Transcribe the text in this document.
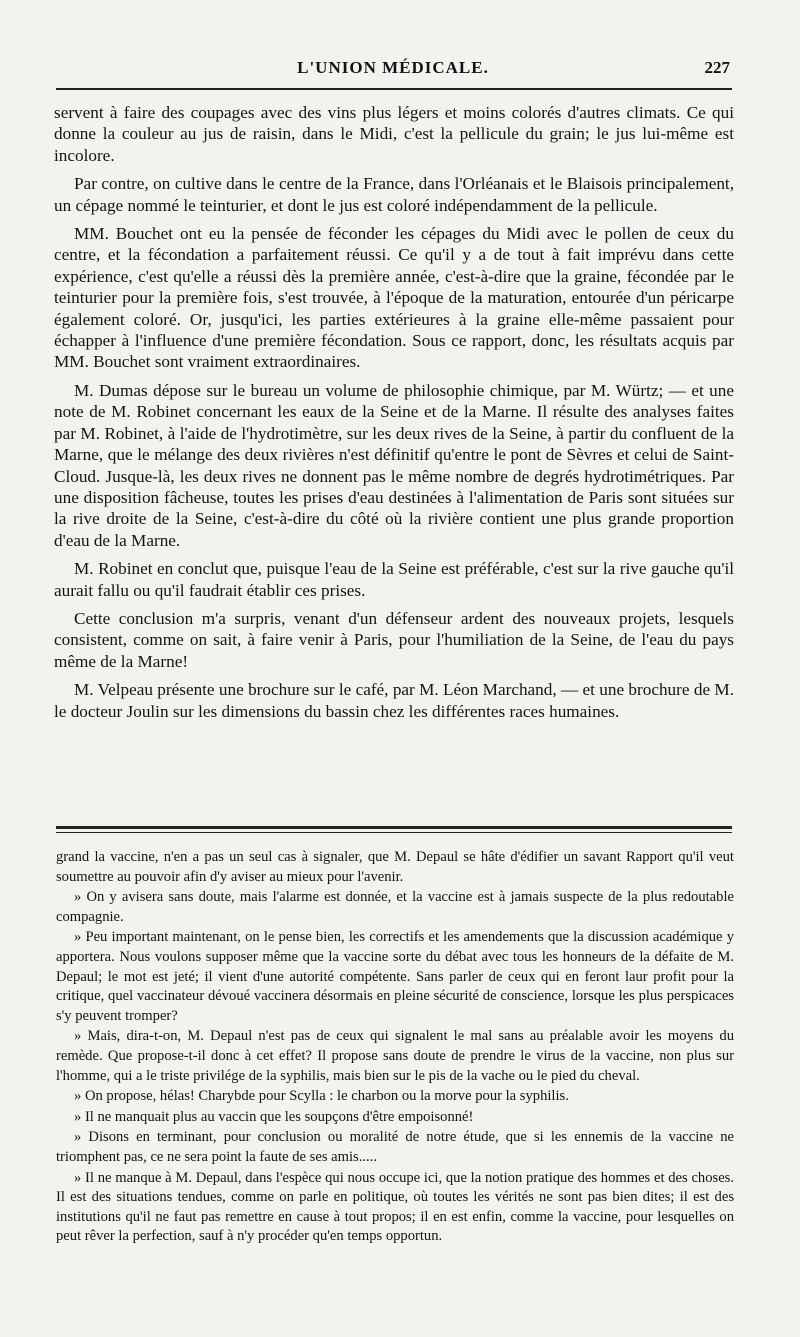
L'UNION MÉDICALE.	227

servent à faire des coupages avec des vins plus légers et moins colorés d'autres climats. Ce qui donne la couleur au jus de raisin, dans le Midi, c'est la pellicule du grain; le jus lui-même est incolore.

Par contre, on cultive dans le centre de la France, dans l'Orléanais et le Blaisois principalement, un cépage nommé le teinturier, et dont le jus est coloré indépendamment de la pellicule.

MM. Bouchet ont eu la pensée de féconder les cépages du Midi avec le pollen de ceux du centre, et la fécondation a parfaitement réussi. Ce qu'il y a de tout à fait imprévu dans cette expérience, c'est qu'elle a réussi dès la première année, c'est-à-dire que la graine, fécondée par le teinturier pour la première fois, s'est trouvée, à l'époque de la maturation, entourée d'un péricarpe également coloré. Or, jusqu'ici, les parties extérieures à la graine elle-même passaient pour échapper à l'influence d'une première fécondation. Sous ce rapport, donc, les résultats acquis par MM. Bouchet sont vraiment extraordinaires.

M. Dumas dépose sur le bureau un volume de philosophie chimique, par M. Würtz; — et une note de M. Robinet concernant les eaux de la Seine et de la Marne. Il résulte des analyses faites par M. Robinet, à l'aide de l'hydrotimètre, sur les deux rives de la Seine, à partir du confluent de la Marne, que le mélange des deux rivières n'est définitif qu'entre le pont de Sèvres et celui de Saint-Cloud. Jusque-là, les deux rives ne donnent pas le même nombre de degrés hydrotimétriques. Par une disposition fâcheuse, toutes les prises d'eau destinées à l'alimentation de Paris sont situées sur la rive droite de la Seine, c'est-à-dire du côté où la rivière contient une plus grande proportion d'eau de la Marne.

M. Robinet en conclut que, puisque l'eau de la Seine est préférable, c'est sur la rive gauche qu'il aurait fallu ou qu'il faudrait établir ces prises.

Cette conclusion m'a surpris, venant d'un défenseur ardent des nouveaux projets, lesquels consistent, comme on sait, à faire venir à Paris, pour l'humiliation de la Seine, de l'eau du pays même de la Marne!

M. Velpeau présente une brochure sur le café, par M. Léon Marchand, — et une brochure de M. le docteur Joulin sur les dimensions du bassin chez les différentes races humaines.

grand la vaccine, n'en a pas un seul cas à signaler, que M. Depaul se hâte d'édifier un savant Rapport qu'il veut soumettre au pouvoir afin d'y aviser au mieux pour l'avenir.

» On y avisera sans doute, mais l'alarme est donnée, et la vaccine est à jamais suspecte de la plus redoutable compagnie.

» Peu important maintenant, on le pense bien, les correctifs et les amendements que la discussion académique y apportera. Nous voulons supposer même que la vaccine sorte du débat avec tous les honneurs de la défaite de M. Depaul; le mot est jeté; il vient d'une autorité compétente. Sans parler de ceux qui en feront laur profit pour la critique, quel vaccinateur dévoué vaccinera désormais en pleine sécurité de conscience, lorsque les plus perspicaces s'y peuvent tromper?

» Mais, dira-t-on, M. Depaul n'est pas de ceux qui signalent le mal sans au préalable avoir les moyens du remède. Que propose-t-il donc à cet effet? Il propose sans doute de prendre le virus de la vaccine, non plus sur l'homme, qui a le triste privilége de la syphilis, mais bien sur le pis de la vache ou le pied du cheval.

» On propose, hélas! Charybde pour Scylla : le charbon ou la morve pour la syphilis.

» Il ne manquait plus au vaccin que les soupçons d'être empoisonné!

» Disons en terminant, pour conclusion ou moralité de notre étude, que si les ennemis de la vaccine ne triomphent pas, ce ne sera point la faute de ses amis.....

» Il ne manque à M. Depaul, dans l'espèce qui nous occupe ici, que la notion pratique des hommes et des choses. Il est des situations tendues, comme on parle en politique, où toutes les vérités ne sont pas bien dites; il est des institutions qu'il ne faut pas remettre en cause à tout propos; il en est enfin, comme la vaccine, pour lesquelles on peut rêver la perfection, sauf à n'y procéder qu'en temps opportun.
